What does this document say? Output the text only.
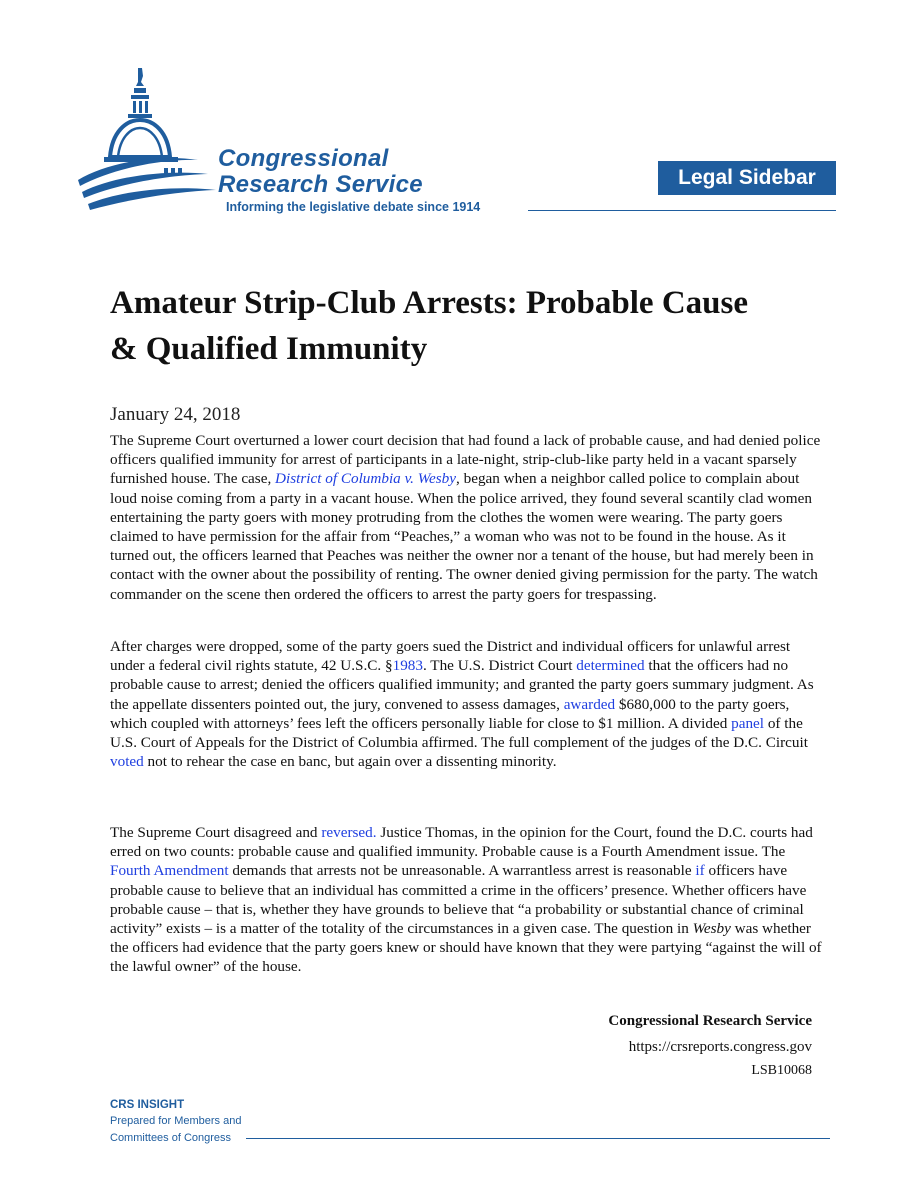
Congressional
Research Service
Informing the legislative debate since 1914
Legal Sidebar
Amateur Strip-Club Arrests: Probable Cause
& Qualified Immunity
January 24, 2018
The Supreme Court overturned a lower court decision that had found a lack of probable cause, and had denied police officers qualified immunity for arrest of participants in a late-night, strip-club-like party held in a vacant sparsely furnished house. The case, District of Columbia v. Wesby, began when a neighbor called police to complain about loud noise coming from a party in a vacant house. When the police arrived, they found several scantily clad women entertaining the party goers with money protruding from the clothes the women were wearing. The party goers claimed to have permission for the affair from “Peaches,” a woman who was not to be found in the house. As it turned out, the officers learned that Peaches was neither the owner nor a tenant of the house, but had merely been in contact with the owner about the possibility of renting. The owner denied giving permission for the party. The watch commander on the scene then ordered the officers to arrest the party goers for trespassing.
After charges were dropped, some of the party goers sued the District and individual officers for unlawful arrest under a federal civil rights statute, 42 U.S.C. §1983. The U.S. District Court determined that the officers had no probable cause to arrest; denied the officers qualified immunity; and granted the party goers summary judgment. As the appellate dissenters pointed out, the jury, convened to assess damages, awarded $680,000 to the party goers, which coupled with attorneys’ fees left the officers personally liable for close to $1 million. A divided panel of the U.S. Court of Appeals for the District of Columbia affirmed. The full complement of the judges of the D.C. Circuit voted not to rehear the case en banc, but again over a dissenting minority.
The Supreme Court disagreed and reversed. Justice Thomas, in the opinion for the Court, found the D.C. courts had erred on two counts: probable cause and qualified immunity. Probable cause is a Fourth Amendment issue. The Fourth Amendment demands that arrests not be unreasonable. A warrantless arrest is reasonable if officers have probable cause to believe that an individual has committed a crime in the officers’ presence. Whether officers have probable cause – that is, whether they have grounds to believe that “a probability or substantial chance of criminal activity” exists – is a matter of the totality of the circumstances in a given case. The question in Wesby was whether the officers had evidence that the party goers knew or should have known that they were partying “against the will of the lawful owner” of the house.
Congressional Research Service
https://crsreports.congress.gov
LSB10068
CRS INSIGHT
Prepared for Members and
Committees of Congress
